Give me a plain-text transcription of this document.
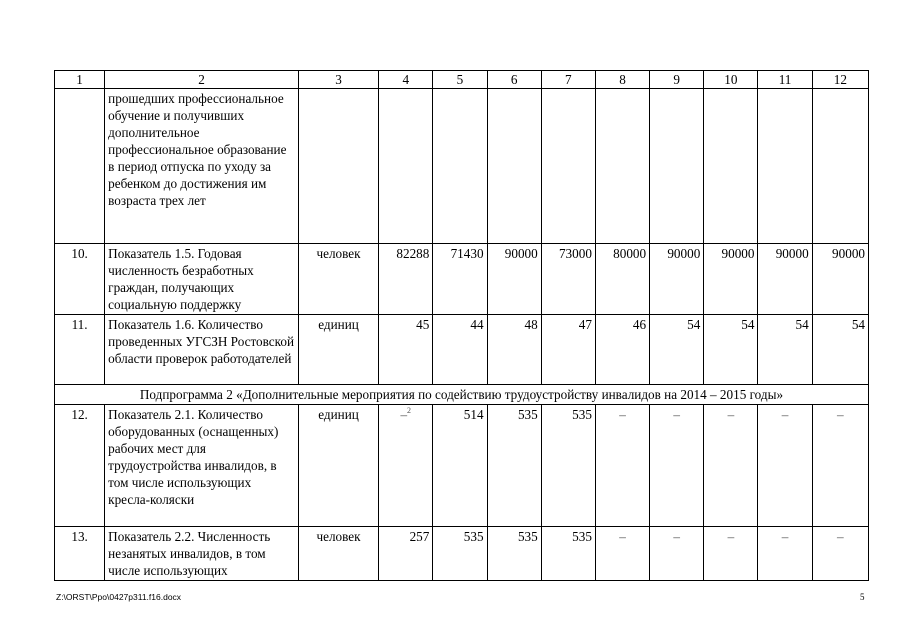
1	2	3	4	5	6	7	8	9	10	11	12
	прошедших профессиональное обучение и получивших дополнительное профессиональное образование в период отпуска по уходу за ребенком до достижения им возраста трех лет										
10.	Показатель 1.5. Годовая численность безработных граждан, получающих социальную поддержку	человек	82288	71430	90000	73000	80000	90000	90000	90000	90000
11.	Показатель 1.6. Количество проведенных УГСЗН Ростовской области проверок работодателей	единиц	45	44	48	47	46	54	54	54	54
Подпрограмма 2 «Дополнительные мероприятия по содействию трудоустройству инвалидов на 2014 – 2015 годы»											
12.	Показатель 2.1. Количество оборудованных (оснащенных) рабочих мест для трудоустройства инвалидов, в том числе использующих кресла-коляски	единиц	–$^2$	514	535	535	–	–	–	–	–
13.	Показатель 2.2. Численность незанятых инвалидов, в том числе использующих	человек	257	535	535	535	–	–	–	–	–
Z:\ORST\Ppo\0427p311.f16.docx	5
